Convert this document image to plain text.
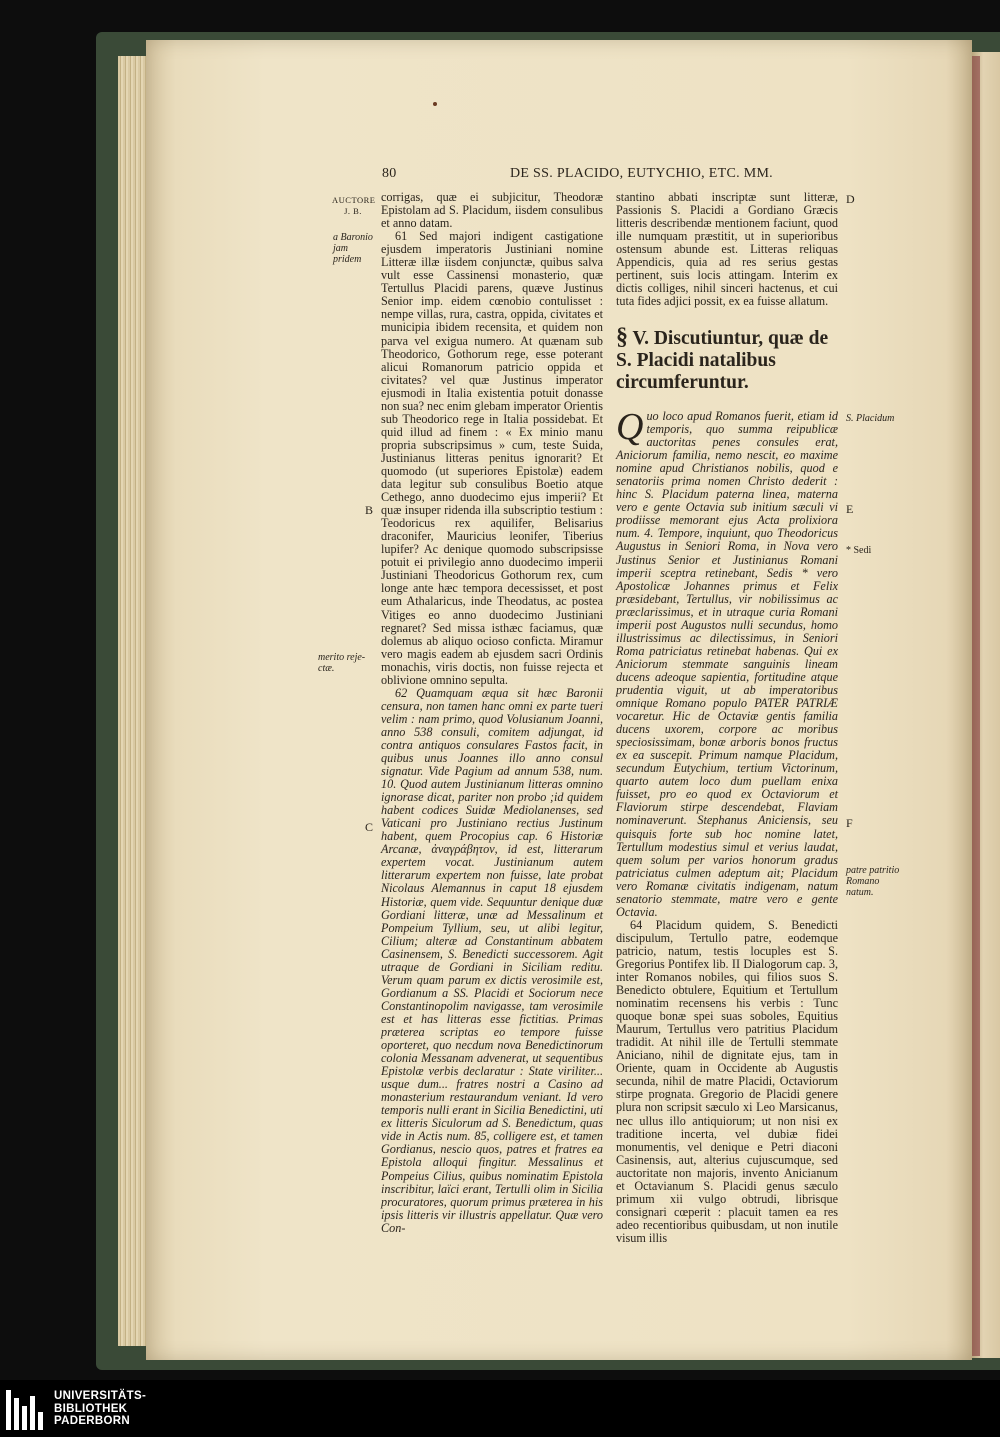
80	DE SS. PLACIDO, EUTYCHIO, ETC. MM.
AUCTORE
J. B.
a Baronio jam pridem
merito reje-ctæ.
S. Placidum
* Sedi
patre patritio Romano natum.
D
B	E
C	F

corrigas, quæ ei subjicitur, Theodoræ Epistolam ad S. Placidum, iisdem consulibus et anno datam.

61 Sed majori indigent castigatione ejusdem imperatoris Justiniani nomine Litteræ illæ iisdem conjunctæ, quibus salva vult esse Cassinensi monasterio, quæ Tertullus Placidi parens, quæve Justinus Senior imp. eidem cœnobio contulisset : nempe villas, rura, castra, oppida, civitates et municipia ibidem recensita, et quidem non parva vel exigua numero. At quænam sub Theodorico, Gothorum rege, esse poterant alicui Romanorum patricio oppida et civitates? vel quæ Justinus imperator ejusmodi in Italia existentia potuit donasse non sua? nec enim glebam imperator Orientis sub Theodorico rege in Italia possidebat. Et quid illud ad finem : « Ex minio manu propria subscripsimus » cum, teste Suida, Justinianus litteras penitus ignorarit? Et quomodo (ut superiores Epistolæ) eadem data legitur sub consulibus Boetio atque Cethego, anno duodecimo ejus imperii? Et quæ insuper ridenda illa subscriptio testium : Teodoricus rex aquilifer, Belisarius draconifer, Mauricius leonifer, Tiberius lupifer? Ac denique quomodo subscripsisse potuit ei privilegio anno duodecimo imperii Justiniani Theodoricus Gothorum rex, cum longe ante hæc tempora decessisset, et post eum Athalaricus, inde Theodatus, ac postea Vitiges eo anno duodecimo Justiniani regnaret? Sed missa isthæc faciamus, quæ dolemus ab aliquo ocioso conficta. Miramur vero magis eadem ab ejusdem sacri Ordinis monachis, viris doctis, non fuisse rejecta et oblivione omnino sepulta.

62 Quamquam æqua sit hæc Baronii censura, non tamen hanc omni ex parte tueri velim : nam primo, quod Volusianum Joanni, anno 538 consuli, comitem adjungat, id contra antiquos consulares Fastos facit, in quibus unus Joannes illo anno consul signatur. Vide Pagium ad annum 538, num. 10. Quod autem Justinianum litteras omnino ignorase dicat, pariter non probo ;id quidem habent codices Suidæ Mediolanenses, sed Vaticani pro Justiniano rectius Justinum habent, quem Procopius cap. 6 Historiæ Arcanæ, ἀναγράβητον, id est, litterarum expertem vocat. Justinianum autem litterarum expertem non fuisse, late probat Nicolaus Alemannus in caput 18 ejusdem Historiæ, quem vide. Sequuntur denique duæ Gordiani litteræ, unæ ad Messalinum et Pompeium Tyllium, seu, ut alibi legitur, Cilium; alteræ ad Constantinum abbatem Casinensem, S. Benedicti successorem. Agit utraque de Gordiani in Siciliam reditu. Verum quam parum ex dictis verosimile est, Gordianum a SS. Placidi et Sociorum nece Constantinopolim navigasse, tam verosimile est et has litteras esse fictitias. Primas præterea scriptas eo tempore fuisse oporteret, quo necdum nova Benedictinorum colonia Messanam advenerat, ut sequentibus Epistolæ verbis declaratur : State viriliter... usque dum... fratres nostri a Casino ad monasterium restaurandum veniant. Id vero temporis nulli erant in Sicilia Benedictini, uti ex litteris Siculorum ad S. Benedictum, quas vide in Actis num. 85, colligere est, et tamen Gordianus, nescio quos, patres et fratres ea Epistola alloqui fingitur. Messalinus et Pompeius Cilius, quibus nominatim Epistola inscribitur, laïci erant, Tertulli olim in Sicilia procuratores, quorum primus præterea in his ipsis litteris vir illustris appellatur. Quæ vero Con-

stantino abbati inscriptæ sunt litteræ, Passionis S. Placidi a Gordiano Græcis litteris describendæ mentionem faciunt, quod ille numquam præstitit, ut in superioribus ostensum abunde est. Litteras reliquas Appendicis, quia ad res serius gestas pertinent, suis locis attingam. Interim ex dictis colliges, nihil sinceri hactenus, et cui tuta fides adjici possit, ex ea fuisse allatum.

§ V. Discutiuntur, quæ de S. Placidi natalibus circumferuntur.

Quo loco apud Romanos fuerit, etiam id temporis, quo summa reipublicæ auctoritas penes consules erat, Aniciorum familia, nemo nescit, eo maxime nomine apud Christianos nobilis, quod e senatoriis prima nomen Christo dederit : hinc S. Placidum paterna linea, materna vero e gente Octavia sub initium sæculi vi prodiisse memorant ejus Acta prolixiora num. 4. Tempore, inquiunt, quo Theodoricus Augustus in Seniori Roma, in Nova vero Justinus Senior et Justinianus Romani imperii sceptra retinebant, Sedis * vero Apostolicæ Johannes primus et Felix præsidebant, Tertullus, vir nobilissimus ac præclarissimus, et in utraque curia Romani imperii post Augustos nulli secundus, homo illustrissimus ac dilectissimus, in Seniori Roma patriciatus retinebat habenas. Qui ex Aniciorum stemmate sanguinis lineam ducens adeoque sapientia, fortitudine atque prudentia viguit, ut ab imperatoribus omnique Romano populo PATER PATRIÆ vocaretur. Hic de Octaviæ gentis familia ducens uxorem, corpore ac moribus speciosissimam, bonæ arboris bonos fructus ex ea suscepit. Primum namque Placidum, secundum Eutychium, tertium Victorinum, quarto autem loco dum puellam enixa fuisset, pro eo quod ex Octaviorum et Flaviorum stirpe descendebat, Flaviam nominaverunt. Stephanus Aniciensis, seu quisquis forte sub hoc nomine latet, Tertullum modestius simul et verius laudat, quem solum per varios honorum gradus patriciatus culmen adeptum ait; Placidum vero Romanæ civitatis indigenam, natum senatorio stemmate, matre vero e gente Octavia.

64 Placidum quidem, S. Benedicti discipulum, Tertullo patre, eodemque patricio, natum, testis locuples est S. Gregorius Pontifex lib. II Dialogorum cap. 3, inter Romanos nobiles, qui filios suos S. Benedicto obtulere, Equitium et Tertullum nominatim recensens his verbis : Tunc quoque bonæ spei suas soboles, Equitius Maurum, Tertullus vero patritius Placidum tradidit. At nihil ille de Tertulli stemmate Aniciano, nihil de dignitate ejus, tam in Oriente, quam in Occidente ab Augustis secunda, nihil de matre Placidi, Octaviorum stirpe prognata. Gregorio de Placidi genere plura non scripsit sæculo xi Leo Marsicanus, nec ullus illo antiquiorum; ut non nisi ex traditione incerta, vel dubiæ fidei monumentis, vel denique e Petri diaconi Casinensis, aut, alterius cujuscumque, sed auctoritate non majoris, invento Anicianum et Octavianum S. Placidi genus sæculo primum xii vulgo obtrudi, librisque consignari cœperit : placuit tamen ea res adeo recentioribus quibusdam, ut non inutile visum illis

UNIVERSITÄTS-
BIBLIOTHEK
PADERBORN
